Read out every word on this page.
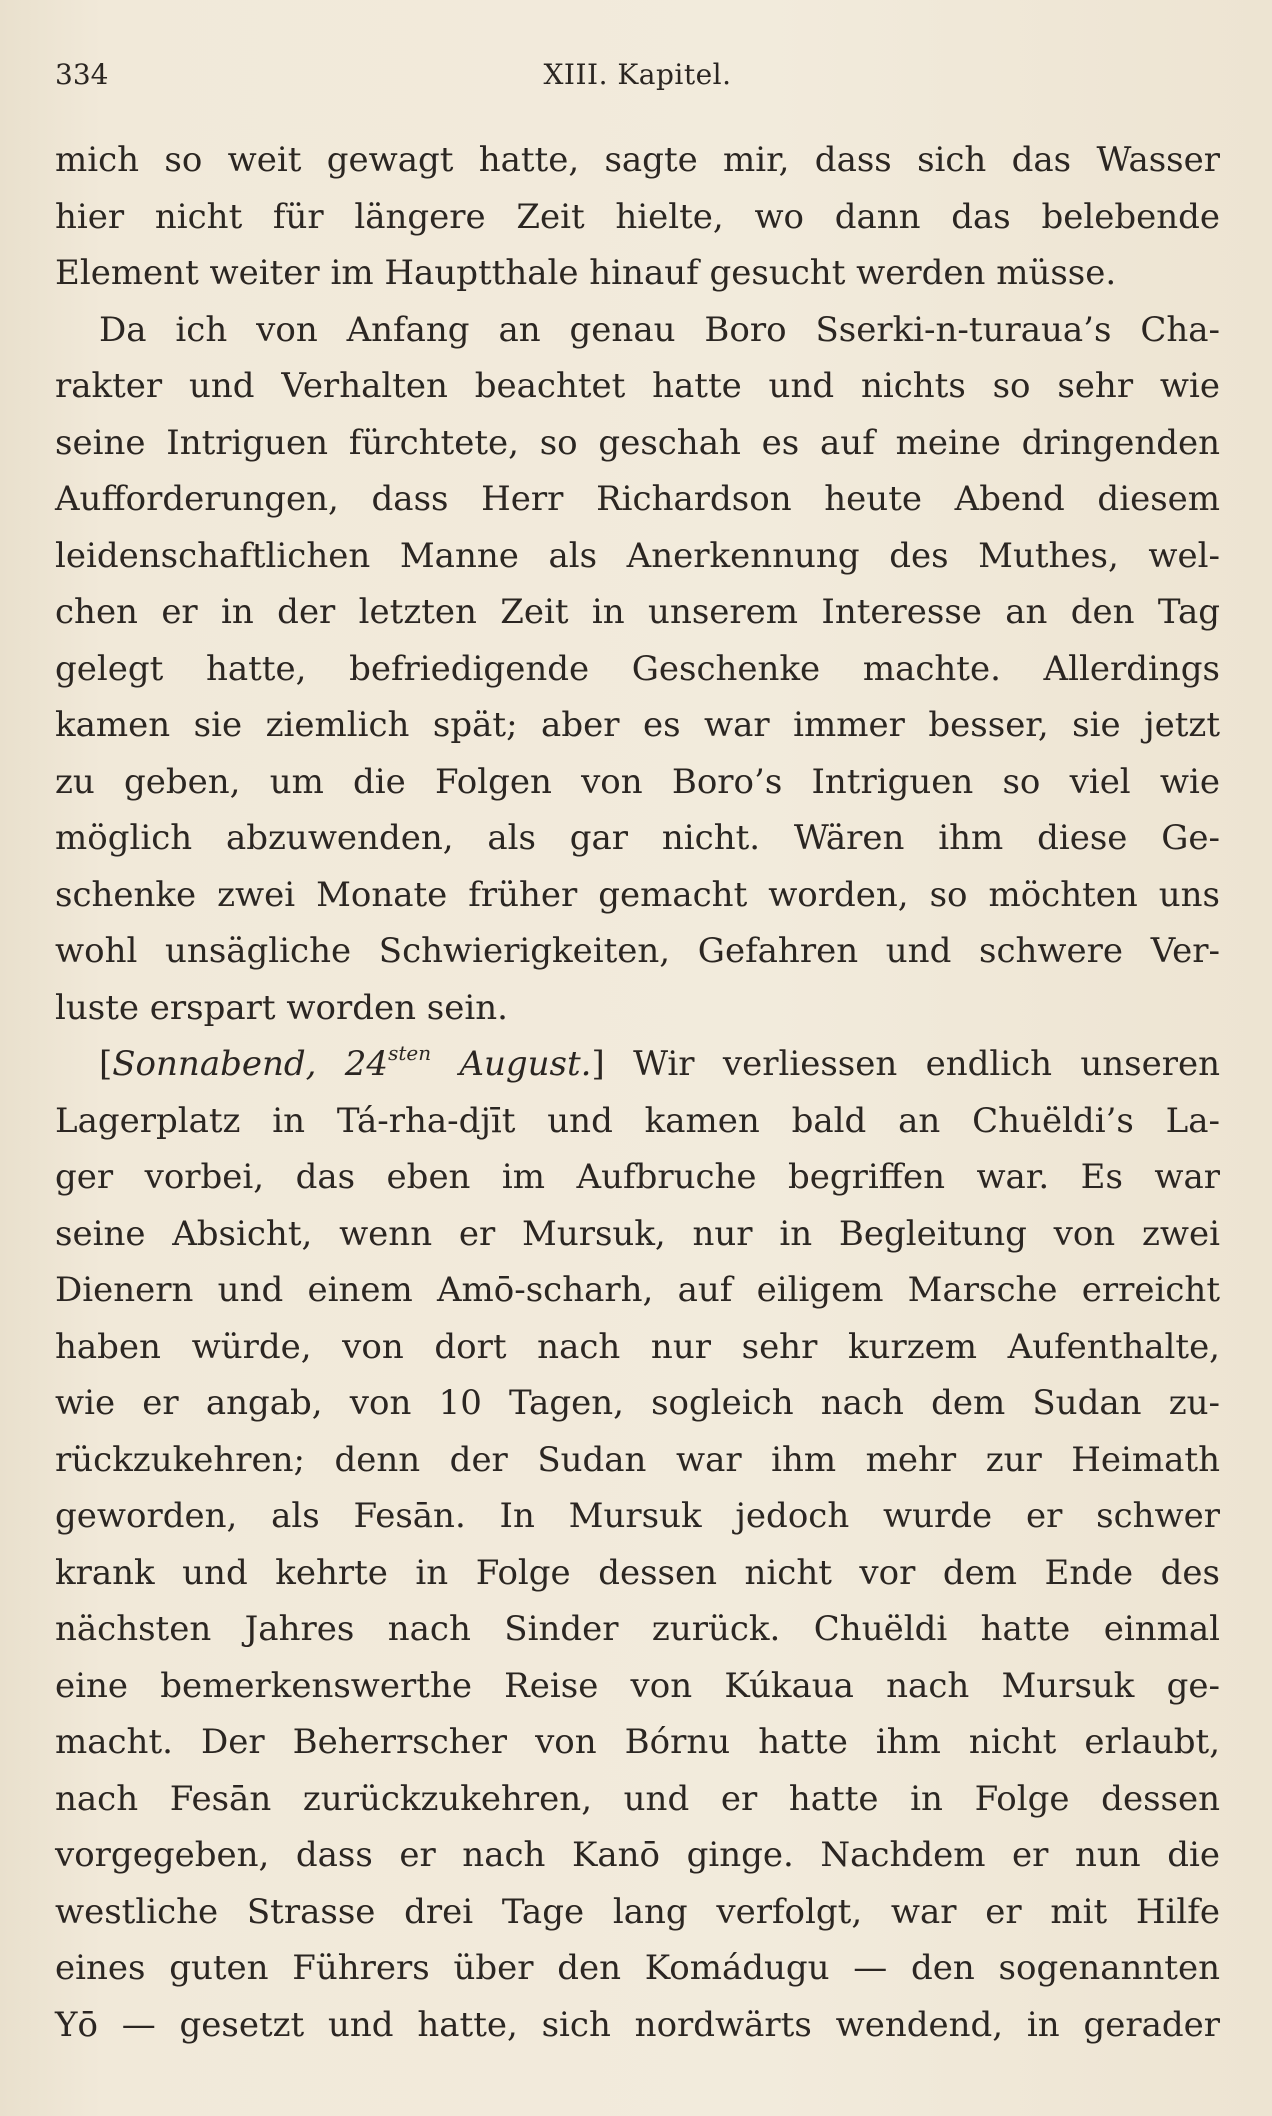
334	XIII. Kapitel.
mich so weit gewagt hatte, sagte mir, dass sich das Wasser
hier nicht für längere Zeit hielte, wo dann das belebende
Element weiter im Hauptthale hinauf gesucht werden müsse.
Da ich von Anfang an genau Boro Sserki-n-turaua’s Cha-
rakter und Verhalten beachtet hatte und nichts so sehr wie
seine Intriguen fürchtete, so geschah es auf meine dringenden
Aufforderungen, dass Herr Richardson heute Abend diesem
leidenschaftlichen Manne als Anerkennung des Muthes, wel-
chen er in der letzten Zeit in unserem Interesse an den Tag
gelegt hatte, befriedigende Geschenke machte. Allerdings
kamen sie ziemlich spät; aber es war immer besser, sie jetzt
zu geben, um die Folgen von Boro’s Intriguen so viel wie
möglich abzuwenden, als gar nicht. Wären ihm diese Ge-
schenke zwei Monate früher gemacht worden, so möchten uns
wohl unsägliche Schwierigkeiten, Gefahren und schwere Ver-
luste erspart worden sein.
[Sonnabend, $24^{sten}$ August.] Wir verliessen endlich unseren
Lagerplatz in Tá-rha-djīt und kamen bald an Chuëldi’s La-
ger vorbei, das eben im Aufbruche begriffen war. Es war
seine Absicht, wenn er Mursuk, nur in Begleitung von zwei
Dienern und einem Amō-scharh, auf eiligem Marsche erreicht
haben würde, von dort nach nur sehr kurzem Aufenthalte,
wie er angab, von 10 Tagen, sogleich nach dem Sudan zu-
rückzukehren; denn der Sudan war ihm mehr zur Heimath
geworden, als Fesān. In Mursuk jedoch wurde er schwer
krank und kehrte in Folge dessen nicht vor dem Ende des
nächsten Jahres nach Sinder zurück. Chuëldi hatte einmal
eine bemerkenswerthe Reise von Kúkaua nach Mursuk ge-
macht. Der Beherrscher von Bórnu hatte ihm nicht erlaubt,
nach Fesān zurückzukehren, und er hatte in Folge dessen
vorgegeben, dass er nach Kanō ginge. Nachdem er nun die
westliche Strasse drei Tage lang verfolgt, war er mit Hilfe
eines guten Führers über den Komádugu — den sogenannten
Yō — gesetzt und hatte, sich nordwärts wendend, in gerader
